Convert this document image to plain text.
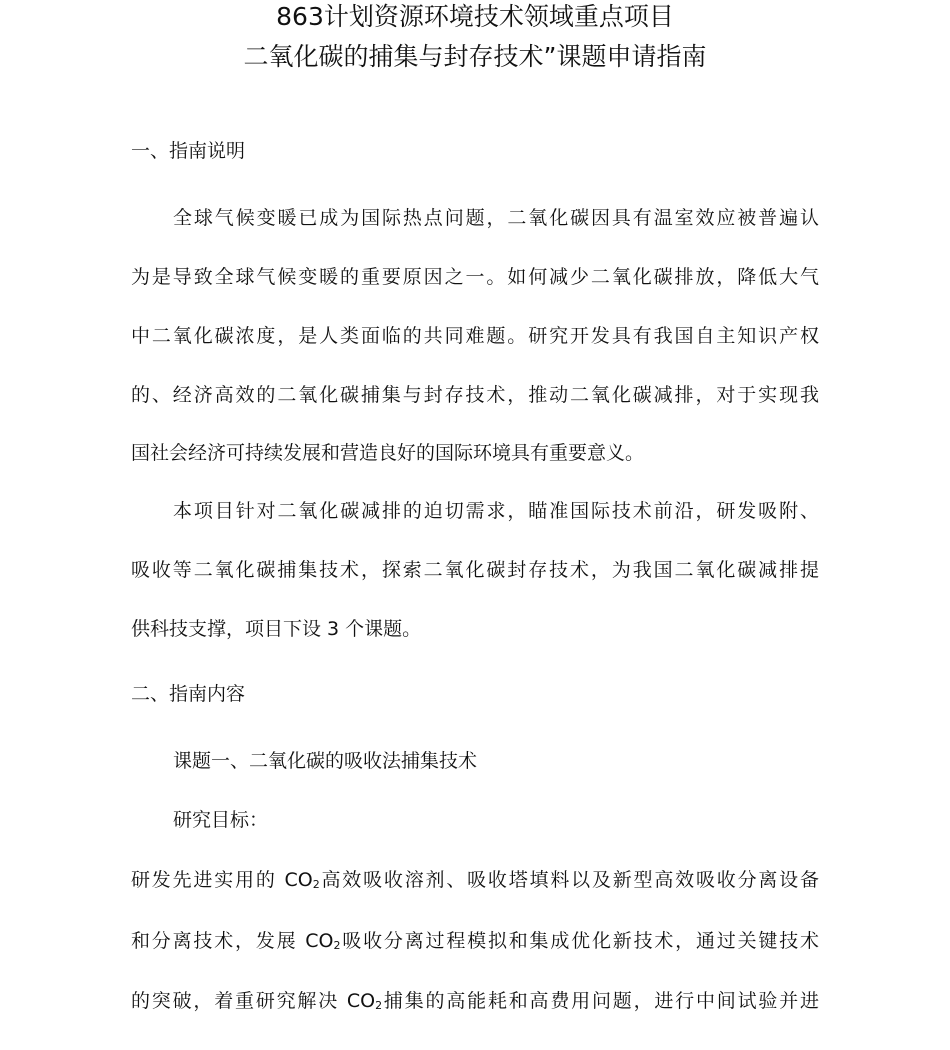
863计划资源环境技术领域重点项目
二氧化碳的捕集与封存技术”课题申请指南
一、指南说明
全球气候变暖已成为国际热点问题，二氧化碳因具有温室效应被普遍认
为是导致全球气候变暖的重要原因之一。如何减少二氧化碳排放，降低大气
中二氧化碳浓度，是人类面临的共同难题。研究开发具有我国自主知识产权
的、经济高效的二氧化碳捕集与封存技术，推动二氧化碳减排，对于实现我
国社会经济可持续发展和营造良好的国际环境具有重要意义。
本项目针对二氧化碳减排的迫切需求，瞄准国际技术前沿，研发吸附、
吸收等二氧化碳捕集技术，探索二氧化碳封存技术，为我国二氧化碳减排提
供科技支撑，项目下设 3 个课题。
二、指南内容
课题一、二氧化碳的吸收法捕集技术
研究目标：
研发先进实用的 $CO_2$高效吸收溶剂、吸收塔填料以及新型高效吸收分离设备
和分离技术，发展 $CO_2$吸收分离过程模拟和集成优化新技术，通过关键技术
的突破，着重研究解决 $CO_2$捕集的高能耗和高费用问题，进行中间试验并进
